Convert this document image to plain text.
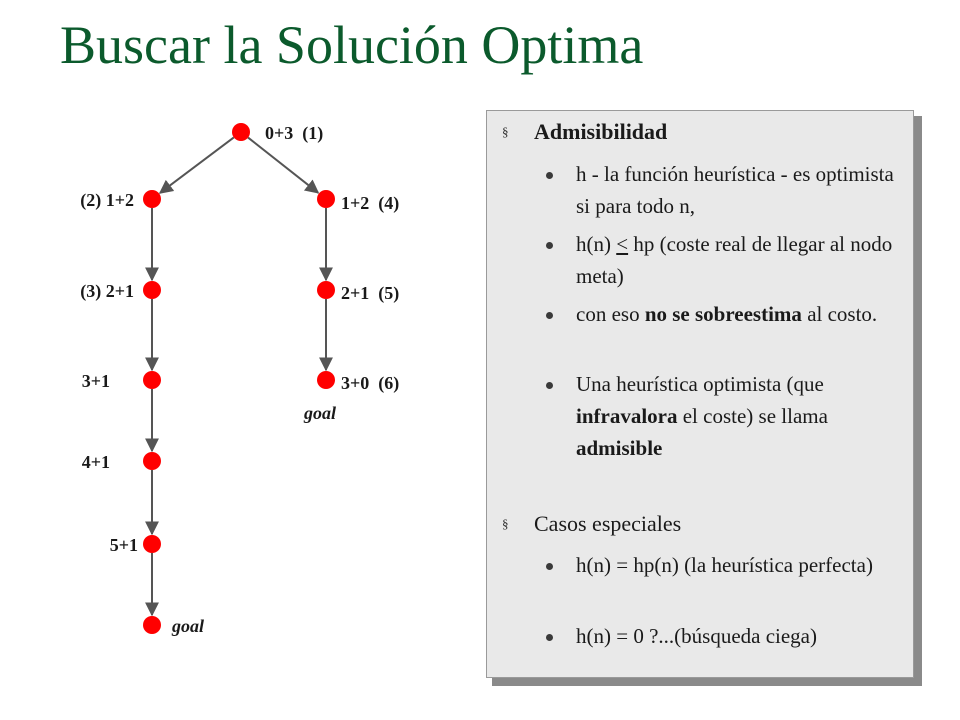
Buscar la Solución Optima
0+3  (1)
(2) 1+2
(3) 2+1
3+1
4+1
5+1
goal
1+2  (4)
2+1  (5)
3+0  (6)
goal
§ Admisibilidad
h - la función heurística - es optimista si para todo n,
h(n) < hp (coste real de llegar al nodo meta)
con eso no se sobreestima al costo.
Una heurística optimista (que infravalora el coste) se llama admisible
§ Casos especiales
h(n) = hp(n) (la heurística perfecta)
h(n) = 0 ?...(búsqueda ciega)
